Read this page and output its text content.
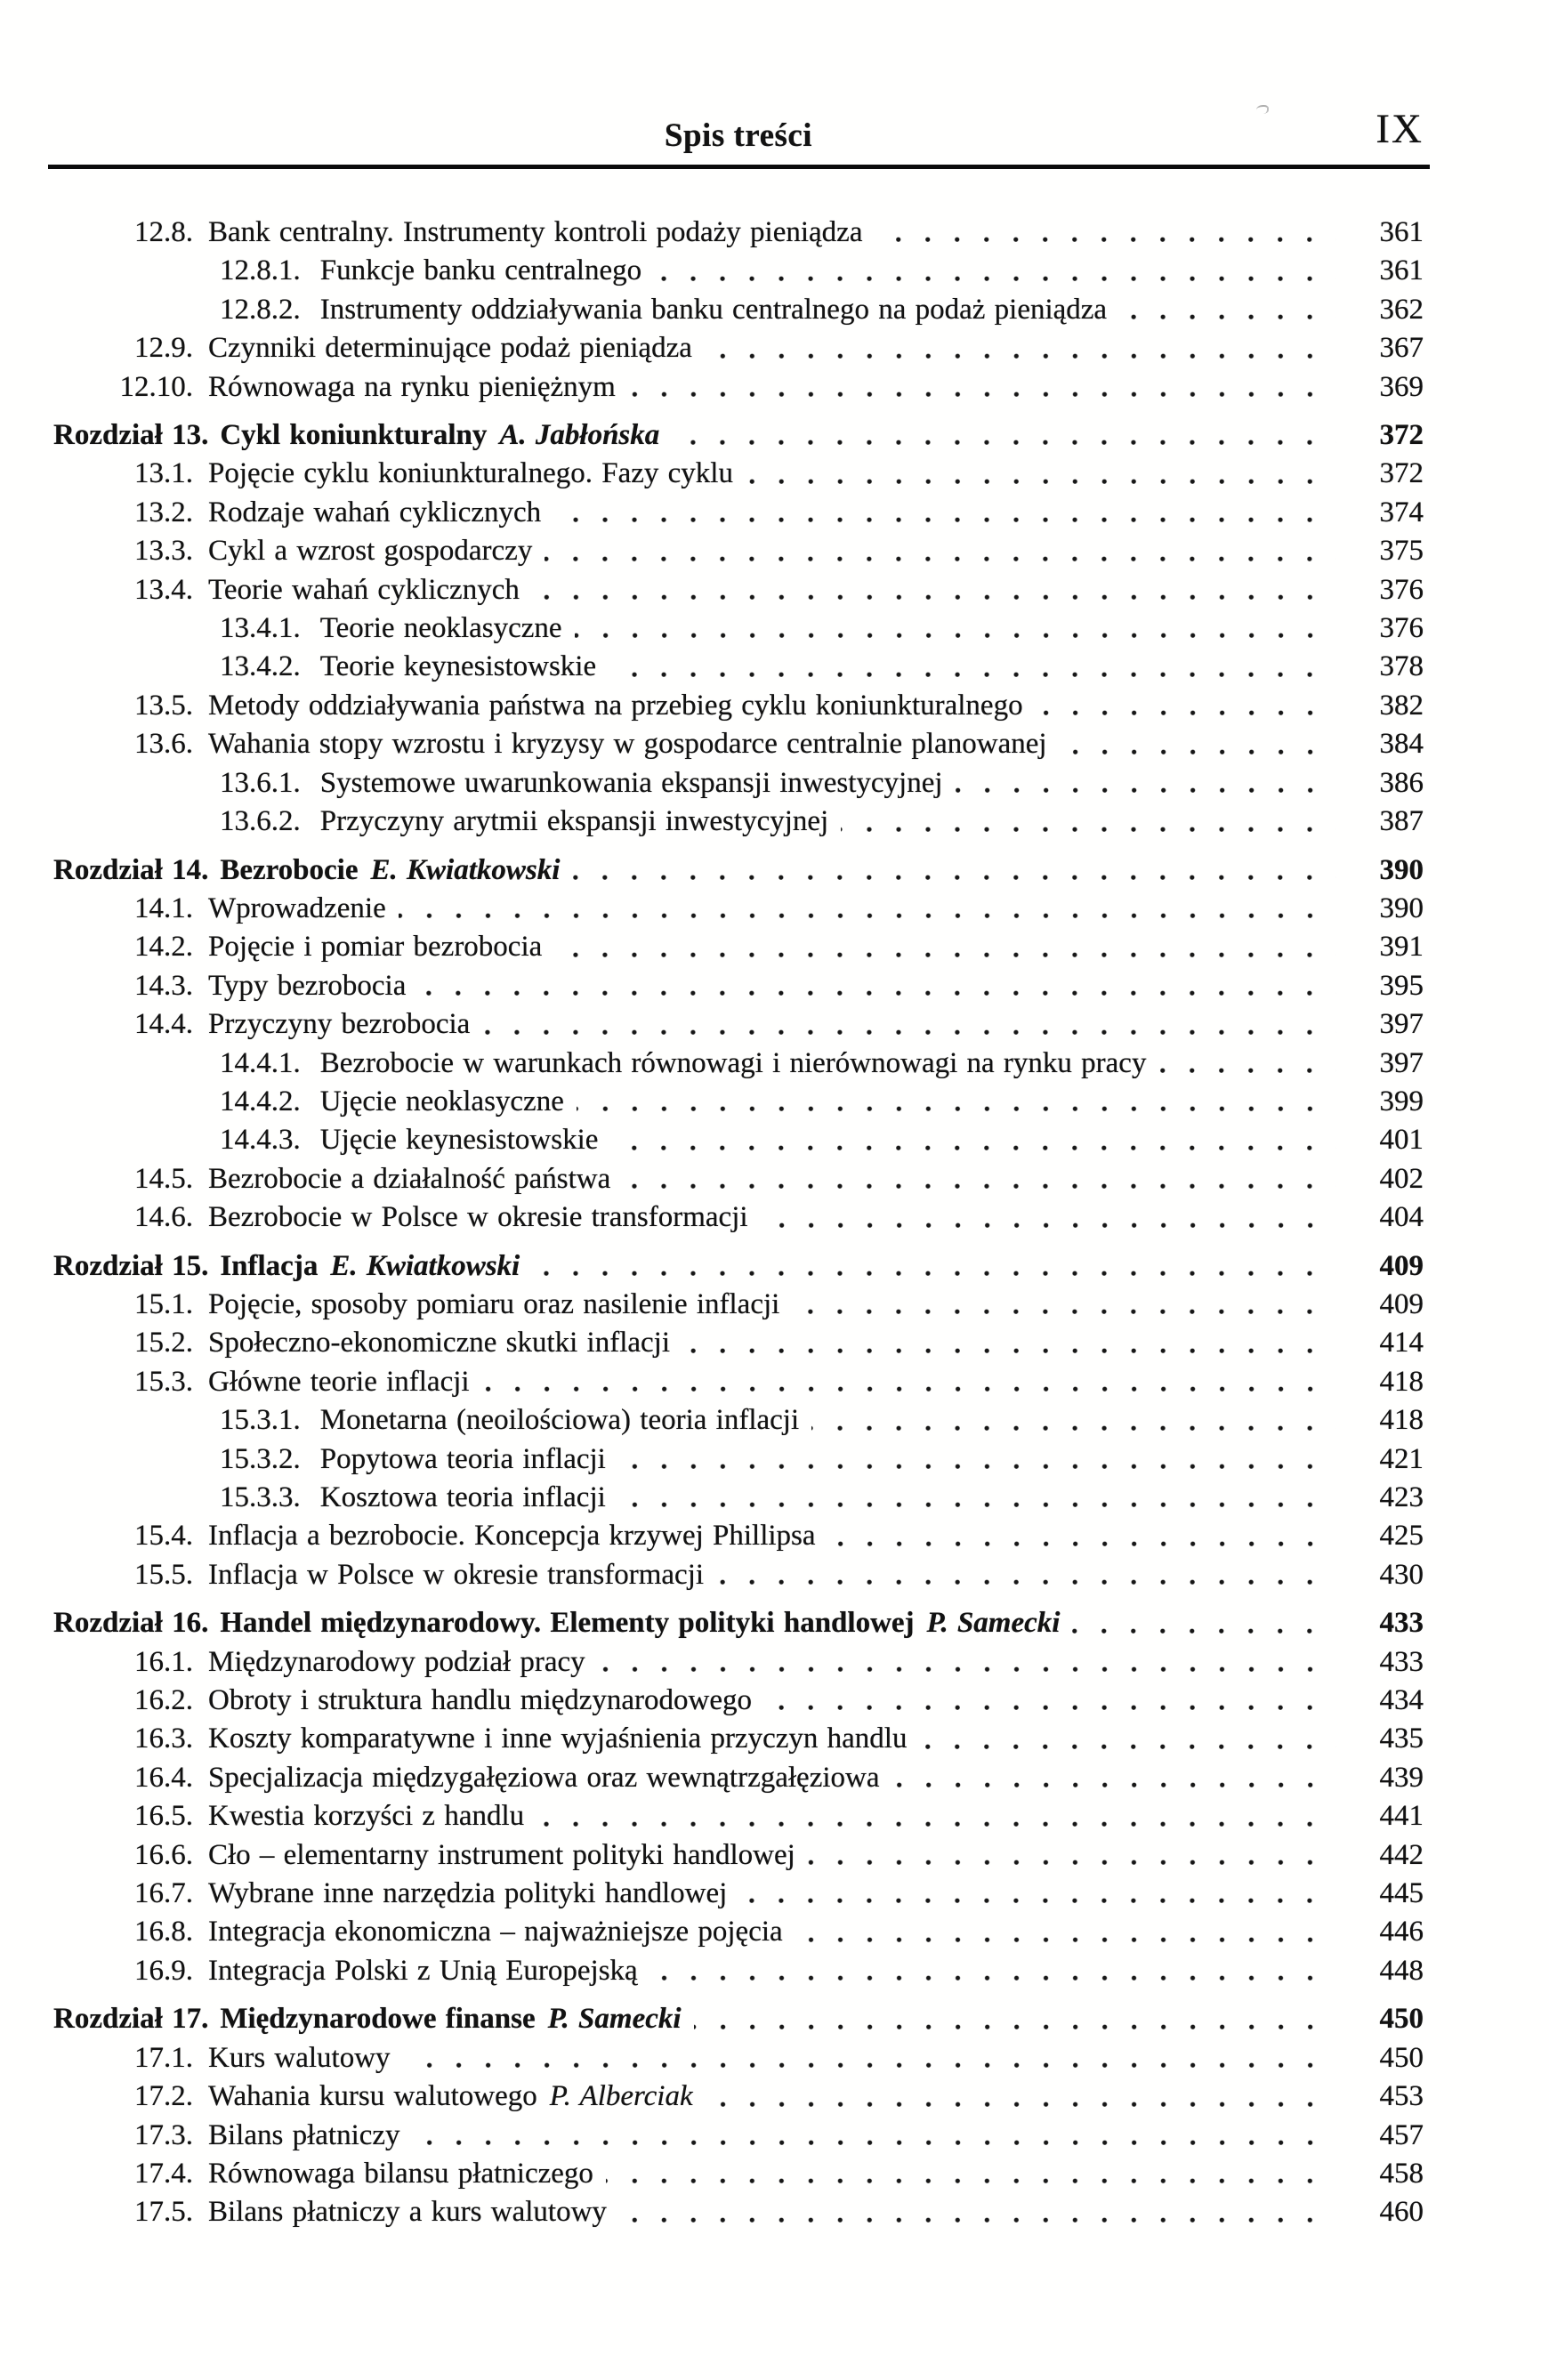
Spis treści	IX
12.8. Bank centralny. Instrumenty kontroli podaży pieniądza	361
12.8.1. Funkcje banku centralnego	361
12.8.2. Instrumenty oddziaływania banku centralnego na podaż pieniądza	362
12.9. Czynniki determinujące podaż pieniądza	367
12.10. Równowaga na rynku pieniężnym	369
Rozdział 13. Cykl koniunkturalny A. Jabłońska	372
13.1. Pojęcie cyklu koniunkturalnego. Fazy cyklu	372
13.2. Rodzaje wahań cyklicznych	374
13.3. Cykl a wzrost gospodarczy	375
13.4. Teorie wahań cyklicznych	376
13.4.1. Teorie neoklasyczne	376
13.4.2. Teorie keynesistowskie	378
13.5. Metody oddziaływania państwa na przebieg cyklu koniunkturalnego	382
13.6. Wahania stopy wzrostu i kryzysy w gospodarce centralnie planowanej	384
13.6.1. Systemowe uwarunkowania ekspansji inwestycyjnej	386
13.6.2. Przyczyny arytmii ekspansji inwestycyjnej	387
Rozdział 14. Bezrobocie E. Kwiatkowski	390
14.1. Wprowadzenie	390
14.2. Pojęcie i pomiar bezrobocia	391
14.3. Typy bezrobocia	395
14.4. Przyczyny bezrobocia	397
14.4.1. Bezrobocie w warunkach równowagi i nierównowagi na rynku pracy	397
14.4.2. Ujęcie neoklasyczne	399
14.4.3. Ujęcie keynesistowskie	401
14.5. Bezrobocie a działalność państwa	402
14.6. Bezrobocie w Polsce w okresie transformacji	404
Rozdział 15. Inflacja E. Kwiatkowski	409
15.1. Pojęcie, sposoby pomiaru oraz nasilenie inflacji	409
15.2. Społeczno-ekonomiczne skutki inflacji	414
15.3. Główne teorie inflacji	418
15.3.1. Monetarna (neoilościowa) teoria inflacji	418
15.3.2. Popytowa teoria inflacji	421
15.3.3. Kosztowa teoria inflacji	423
15.4. Inflacja a bezrobocie. Koncepcja krzywej Phillipsa	425
15.5. Inflacja w Polsce w okresie transformacji	430
Rozdział 16. Handel międzynarodowy. Elementy polityki handlowej P. Samecki	433
16.1. Międzynarodowy podział pracy	433
16.2. Obroty i struktura handlu międzynarodowego	434
16.3. Koszty komparatywne i inne wyjaśnienia przyczyn handlu	435
16.4. Specjalizacja międzygałęziowa oraz wewnątrzgałęziowa	439
16.5. Kwestia korzyści z handlu	441
16.6. Cło – elementarny instrument polityki handlowej	442
16.7. Wybrane inne narzędzia polityki handlowej	445
16.8. Integracja ekonomiczna – najważniejsze pojęcia	446
16.9. Integracja Polski z Unią Europejską	448
Rozdział 17. Międzynarodowe finanse P. Samecki	450
17.1. Kurs walutowy	450
17.2. Wahania kursu walutowego P. Alberciak	453
17.3. Bilans płatniczy	457
17.4. Równowaga bilansu płatniczego	458
17.5. Bilans płatniczy a kurs walutowy	460
